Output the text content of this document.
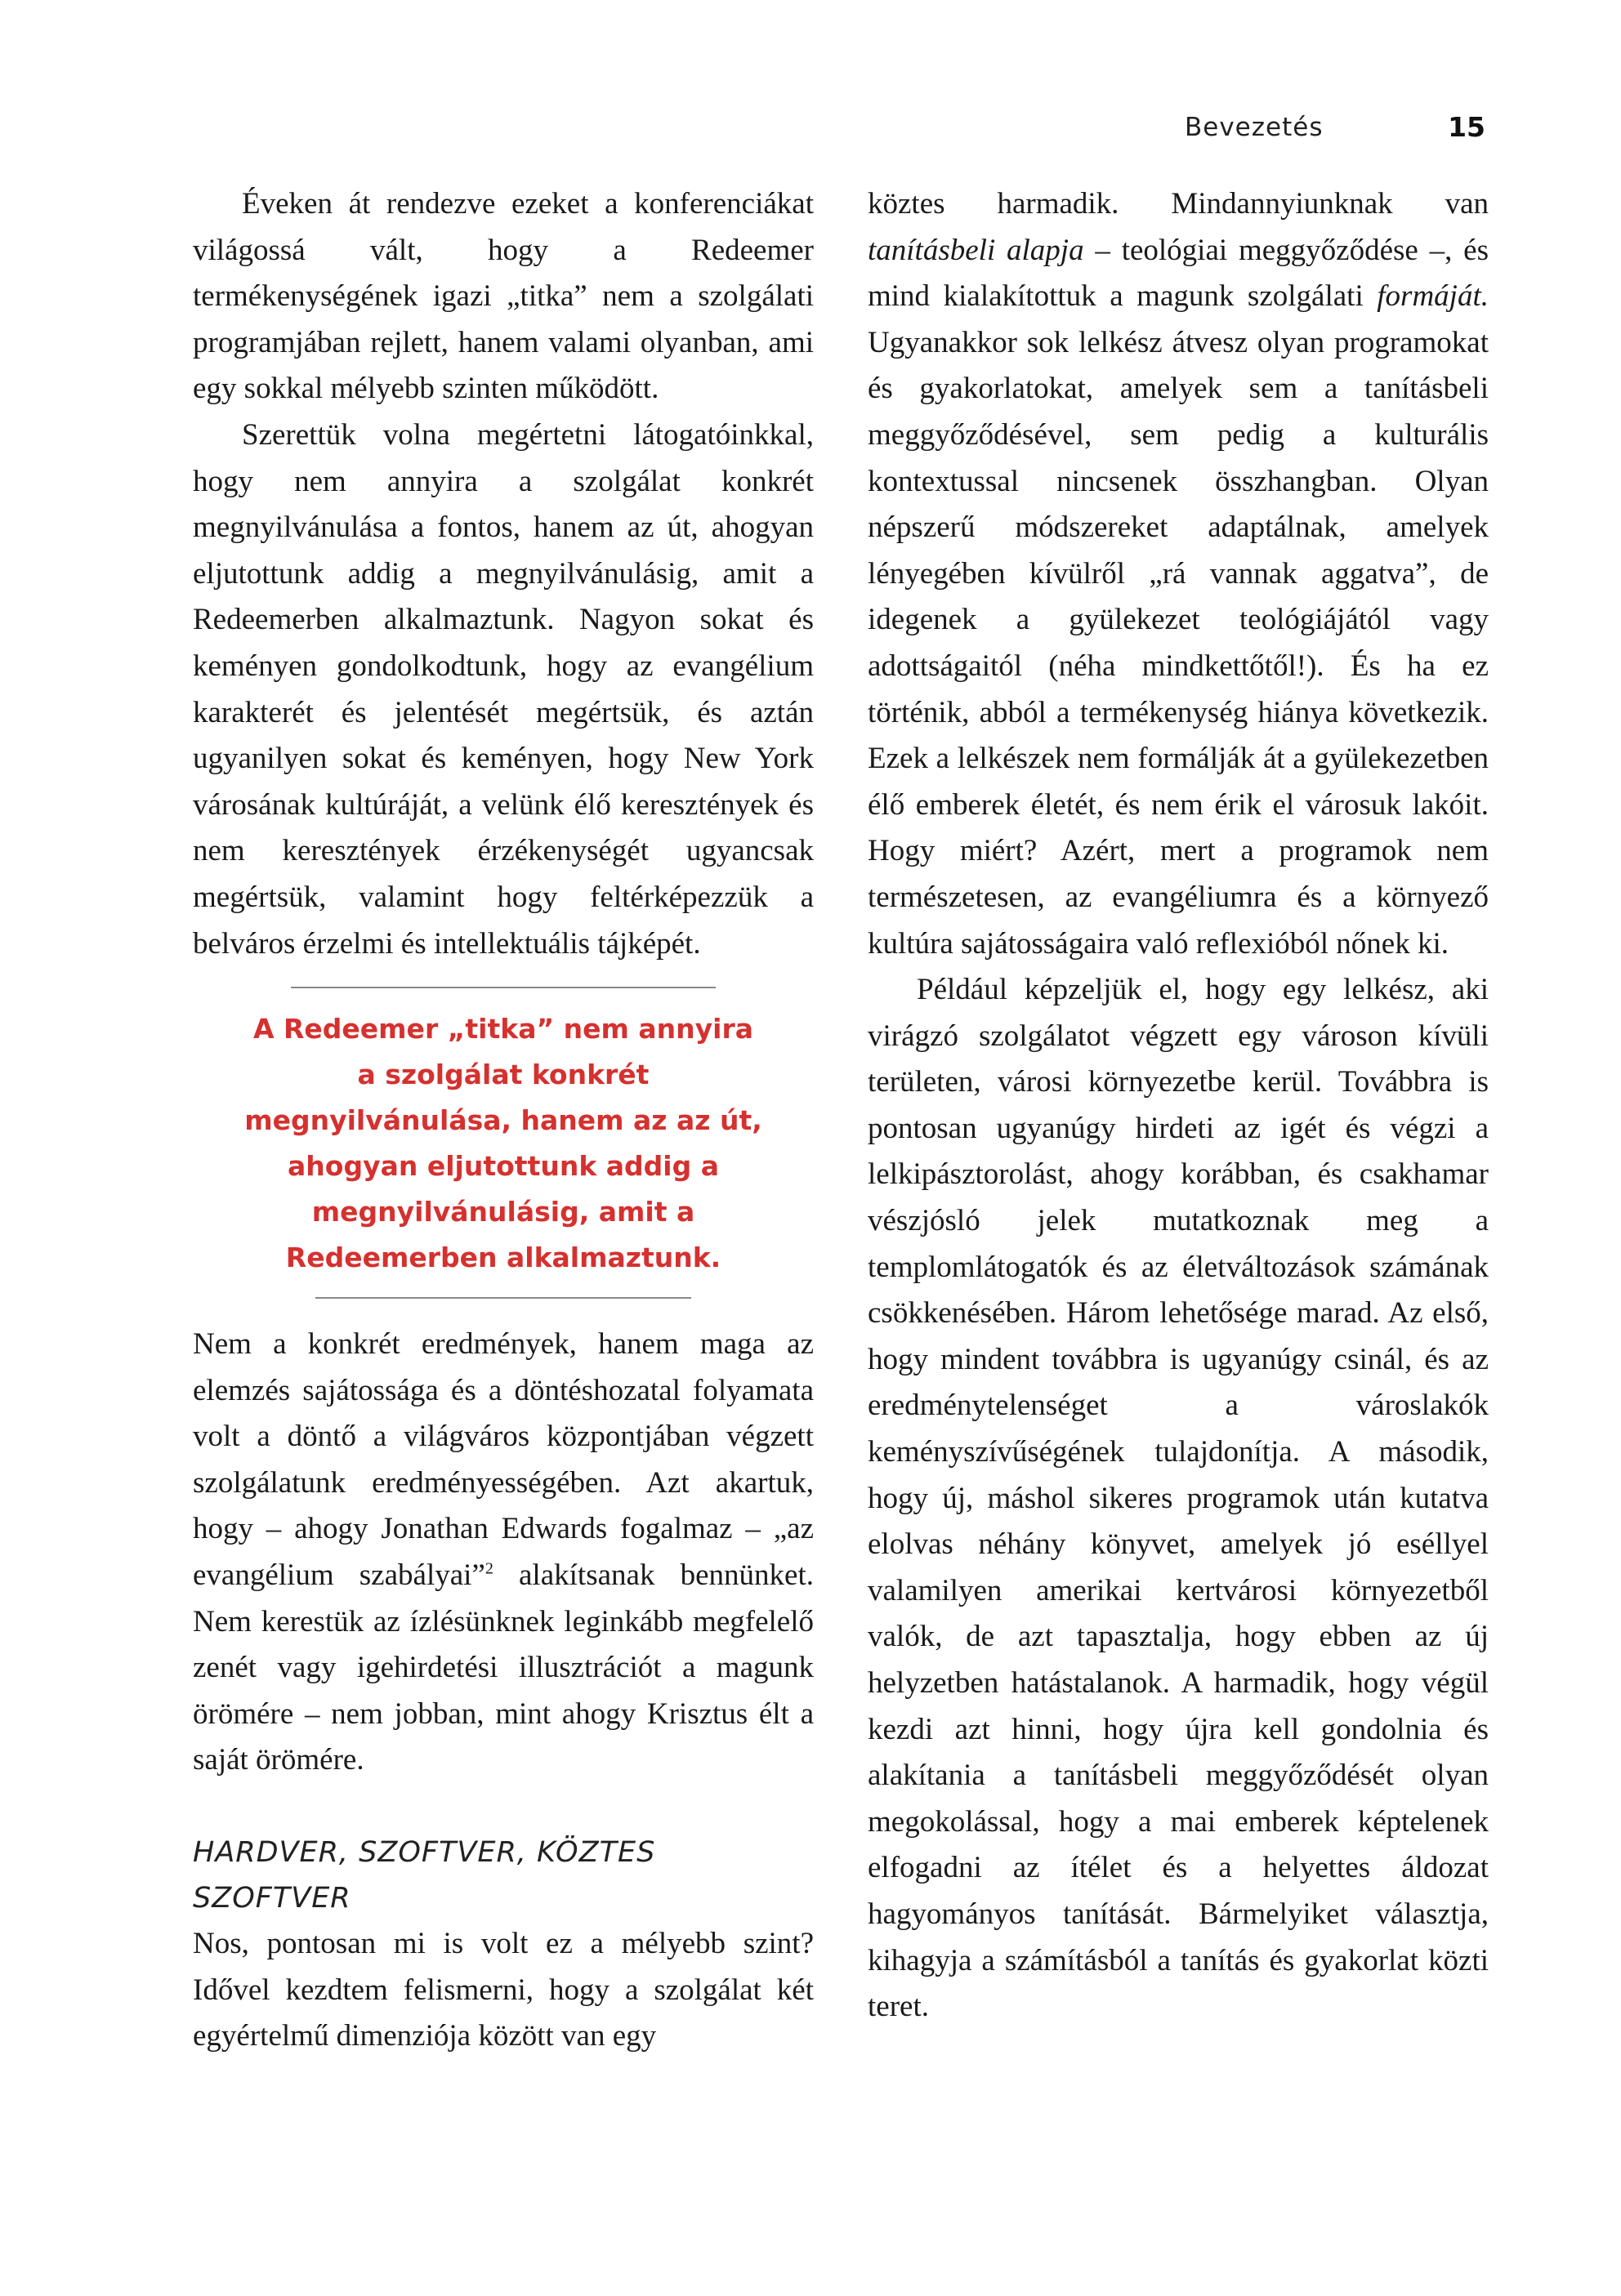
Bevezetés	15

Éveken át rendezve ezeket a konferenciákat világossá vált, hogy a Redeemer termékenységének igazi „titka” nem a szolgálati programjában rejlett, hanem valami olyanban, ami egy sokkal mélyebb szinten működött.

Szerettük volna megértetni látogatóinkkal, hogy nem annyira a szolgálat konkrét megnyilvánulása a fontos, hanem az út, ahogyan eljutottunk addig a megnyilvánulásig, amit a Redeemerben alkalmaztunk. Nagyon sokat és keményen gondolkodtunk, hogy az evangélium karakterét és jelentését megértsük, és aztán ugyanilyen sokat és keményen, hogy New York városának kultúráját, a velünk élő keresztények és nem keresztények érzékenységét ugyancsak megértsük, valamint hogy feltérképezzük a belváros érzelmi és intellektuális tájképét.

A Redeemer „titka” nem annyira a szolgálat konkrét megnyilvánulása, hanem az az út, ahogyan eljutottunk addig a megnyilvánulásig, amit a Redeemerben alkalmaztunk.

Nem a konkrét eredmények, hanem maga az elemzés sajátossága és a döntéshozatal folyamata volt a döntő a világváros központjában végzett szolgálatunk eredményességében. Azt akartuk, hogy – ahogy Jonathan Edwards fogalmaz – „az evangélium szabályai”$^2$ alakítsanak bennünket. Nem kerestük az ízlésünknek leginkább megfelelő zenét vagy igehirdetési illusztrációt a magunk örömére – nem jobban, mint ahogy Krisztus élt a saját örömére.

HARDVER, SZOFTVER, KÖZTES SZOFTVER

Nos, pontosan mi is volt ez a mélyebb szint? Idővel kezdtem felismerni, hogy a szolgálat két egyértelmű dimenziója között van egy

köztes harmadik. Mindannyiunknak van tanításbeli alapja – teológiai meggyőződése –, és mind kialakítottuk a magunk szolgálati formáját. Ugyanakkor sok lelkész átvesz olyan programokat és gyakorlatokat, amelyek sem a tanításbeli meggyőződésével, sem pedig a kulturális kontextussal nincsenek összhangban. Olyan népszerű módszereket adaptálnak, amelyek lényegében kívülről „rá vannak aggatva”, de idegenek a gyülekezet teológiájától vagy adottságaitól (néha mindkettőtől!). És ha ez történik, abból a termékenység hiánya következik. Ezek a lelkészek nem formálják át a gyülekezetben élő emberek életét, és nem érik el városuk lakóit. Hogy miért? Azért, mert a programok nem természetesen, az evangéliumra és a környező kultúra sajátosságaira való reflexióból nőnek ki.

Például képzeljük el, hogy egy lelkész, aki virágzó szolgálatot végzett egy városon kívüli területen, városi környezetbe kerül. Továbbra is pontosan ugyanúgy hirdeti az igét és végzi a lelkipásztorolást, ahogy korábban, és csakhamar vészjósló jelek mutatkoznak meg a templomlátogatók és az életváltozások számának csökkenésében. Három lehetősége marad. Az első, hogy mindent továbbra is ugyanúgy csinál, és az eredménytelenséget a városlakók keményszívűségének tulajdonítja. A második, hogy új, máshol sikeres programok után kutatva elolvas néhány könyvet, amelyek jó eséllyel valamilyen amerikai kertvárosi környezetből valók, de azt tapasztalja, hogy ebben az új helyzetben hatástalanok. A harmadik, hogy végül kezdi azt hinni, hogy újra kell gondolnia és alakítania a tanításbeli meggyőződését olyan megokolással, hogy a mai emberek képtelenek elfogadni az ítélet és a helyettes áldozat hagyományos tanítását. Bármelyiket választja, kihagyja a számításból a tanítás és gyakorlat közti teret.
